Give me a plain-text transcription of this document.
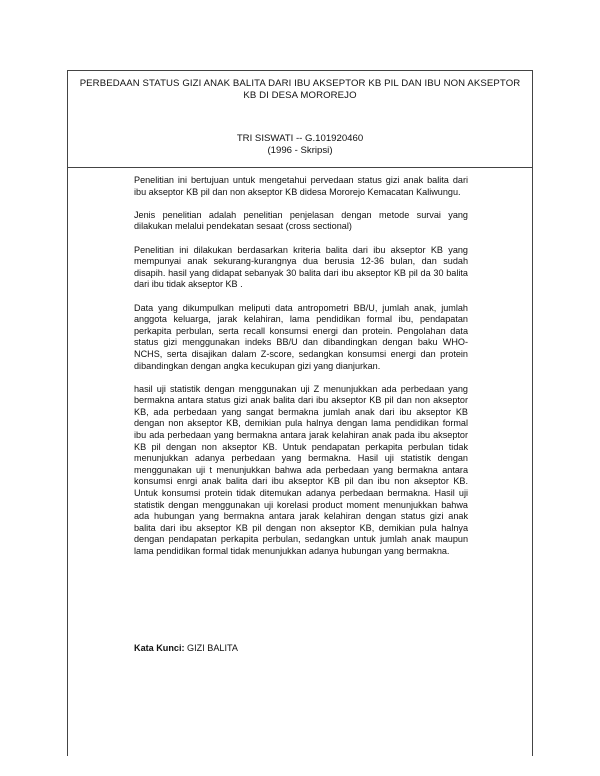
PERBEDAAN STATUS GIZI ANAK BALITA DARI IBU AKSEPTOR KB PIL DAN IBU NON AKSEPTOR KB DI DESA MOROREJO
TRI SISWATI -- G.101920460
(1996 - Skripsi)

Penelitian ini bertujuan untuk mengetahui pervedaan status gizi anak balita dari ibu akseptor KB pil dan non akseptor KB didesa Mororejo Kemacatan Kaliwungu.

Jenis penelitian adalah penelitian penjelasan dengan metode survai yang dilakukan melalui pendekatan sesaat (cross sectional)

Penelitian ini dilakukan berdasarkan kriteria balita dari ibu akseptor KB yang mempunyai anak sekurang-kurangnya dua berusia 12-36 bulan, dan sudah disapih. hasil yang didapat sebanyak 30 balita dari ibu akseptor KB pil da 30 balita dari ibu tidak akseptor KB .

Data yang dikumpulkan meliputi data antropometri BB/U, jumlah anak, jumlah anggota keluarga, jarak kelahiran, lama pendidikan formal ibu, pendapatan perkapita perbulan, serta recall konsumsi energi dan protein. Pengolahan data status gizi menggunakan indeks BB/U dan dibandingkan dengan baku WHO-NCHS, serta disajikan dalam Z-score, sedangkan konsumsi energi dan protein dibandingkan dengan angka kecukupan gizi yang dianjurkan.

hasil uji statistik dengan menggunakan uji Z menunjukkan ada perbedaan yang bermakna antara status gizi anak balita dari ibu akseptor KB pil dan non akseptor KB, ada perbedaan yang sangat bermakna jumlah anak dari ibu akseptor KB dengan non akseptor KB, demikian pula halnya dengan lama pendidikan formal ibu ada perbedaan yang bermakna antara jarak kelahiran anak pada ibu akseptor KB pil dengan non akseptor KB. Untuk pendapatan perkapita perbulan tidak menunjukkan adanya perbedaan yang bermakna. Hasil uji statistik dengan menggunakan uji t menunjukkan bahwa ada perbedaan yang bermakna antara konsumsi enrgi anak balita dari ibu akseptor KB pil dan ibu non akseptor KB. Untuk konsumsi protein tidak ditemukan adanya perbedaan bermakna. Hasil uji statistik dengan menggunakan uji korelasi product moment menunjukkan bahwa ada hubungan yang bermakna antara jarak kelahiran dengan status gizi anak balita dari ibu akseptor KB pil dengan non akseptor KB, demikian pula halnya dengan pendapatan perkapita perbulan, sedangkan untuk jumlah anak maupun lama pendidikan formal tidak menunjukkan adanya hubungan yang bermakna.

Kata Kunci: GIZI BALITA
